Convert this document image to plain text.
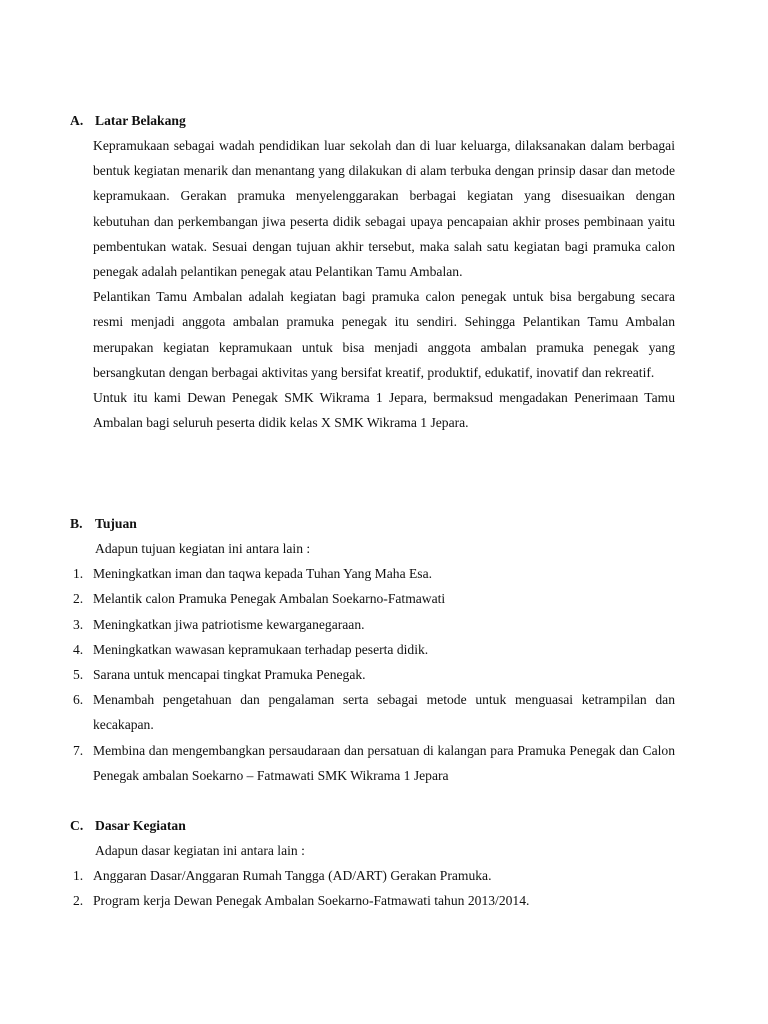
A. Latar Belakang

Kepramukaan sebagai wadah pendidikan luar sekolah dan di luar keluarga, dilaksanakan dalam berbagai bentuk kegiatan menarik dan menantang yang dilakukan di alam terbuka dengan prinsip dasar dan metode kepramukaan. Gerakan pramuka menyelenggarakan berbagai kegiatan yang disesuaikan dengan kebutuhan dan perkembangan jiwa peserta didik sebagai upaya pencapaian akhir proses pembinaan yaitu pembentukan watak. Sesuai dengan tujuan akhir tersebut, maka salah satu kegiatan bagi pramuka calon penegak adalah pelantikan penegak atau Pelantikan Tamu Ambalan.

Pelantikan Tamu Ambalan adalah kegiatan bagi pramuka calon penegak untuk bisa bergabung secara resmi menjadi anggota ambalan pramuka penegak itu sendiri. Sehingga Pelantikan Tamu Ambalan merupakan kegiatan kepramukaan untuk bisa menjadi anggota ambalan pramuka penegak yang bersangkutan dengan berbagai aktivitas yang bersifat kreatif, produktif, edukatif, inovatif dan rekreatif.

Untuk itu kami Dewan Penegak SMK Wikrama 1 Jepara, bermaksud mengadakan Penerimaan Tamu Ambalan bagi seluruh peserta didik kelas X SMK Wikrama 1 Jepara.

B. Tujuan
Adapun tujuan kegiatan ini antara lain :
1. Meningkatkan iman dan taqwa kepada Tuhan Yang Maha Esa.
2. Melantik calon Pramuka Penegak Ambalan Soekarno-Fatmawati
3. Meningkatkan jiwa patriotisme kewarganegaraan.
4. Meningkatkan wawasan kepramukaan terhadap peserta didik.
5. Sarana untuk mencapai tingkat Pramuka Penegak.
6. Menambah pengetahuan dan pengalaman serta sebagai metode untuk menguasai ketrampilan dan kecakapan.
7. Membina dan mengembangkan persaudaraan dan persatuan di kalangan para Pramuka Penegak dan Calon Penegak ambalan Soekarno – Fatmawati SMK Wikrama 1 Jepara
C. Dasar Kegiatan
Adapun dasar kegiatan ini antara lain :
1. Anggaran Dasar/Anggaran Rumah Tangga (AD/ART) Gerakan Pramuka.
2. Program kerja Dewan Penegak Ambalan Soekarno-Fatmawati tahun 2013/2014.
